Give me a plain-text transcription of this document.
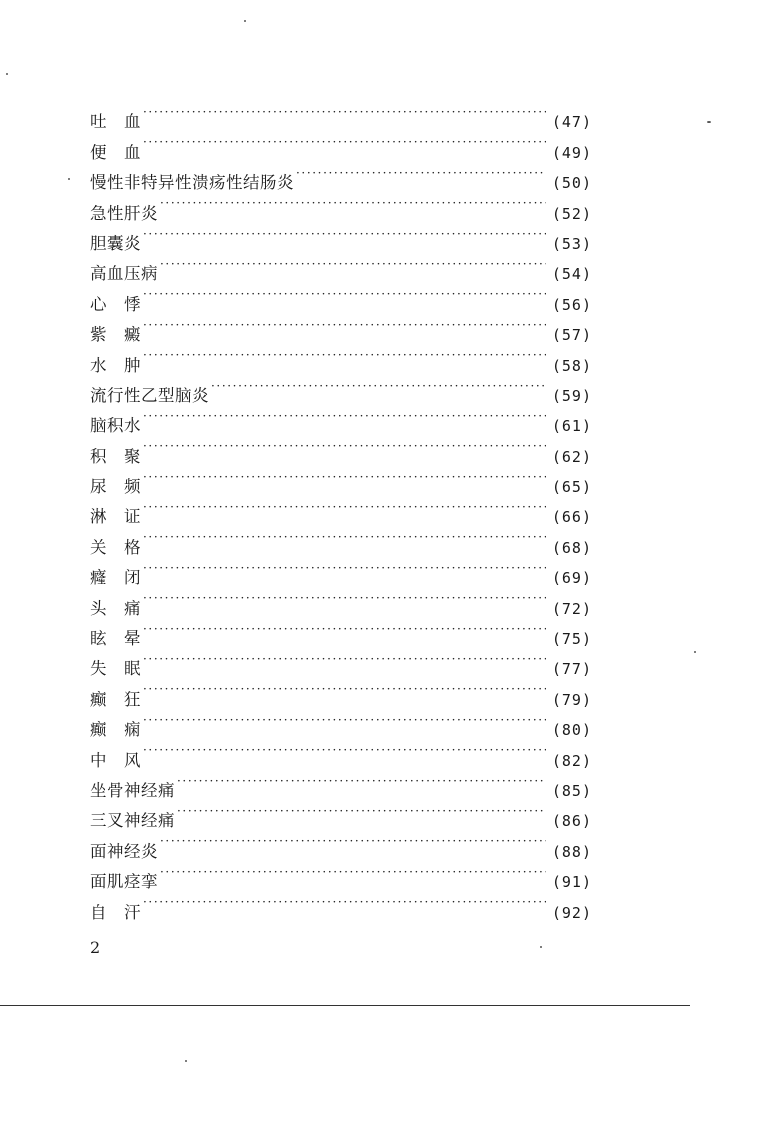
吐　血 ·····	(47)
便　血 ·····	(49)
慢性非特异性溃疡性结肠炎 ·····	(50)
急性肝炎 ·····	(52)
胆囊炎 ·····	(53)
高血压病 ·····	(54)
心　悸 ·····	(56)
紫　癜 ·····	(57)
水　肿 ·····	(58)
流行性乙型脑炎 ·····	(59)
脑积水 ·····	(61)
积　聚 ·····	(62)
尿　频 ·····	(65)
淋　证 ·····	(66)
关　格 ·····	(68)
癃　闭 ·····	(69)
头　痛 ·····	(72)
眩　晕 ·····	(75)
失　眠 ·····	(77)
癫　狂 ·····	(79)
癫　痫 ·····	(80)
中　风 ·····	(82)
坐骨神经痛 ·····	(85)
三叉神经痛 ·····	(86)
面神经炎 ·····	(88)
面肌痉挛 ·····	(91)
自　汗 ·····	(92)
2
